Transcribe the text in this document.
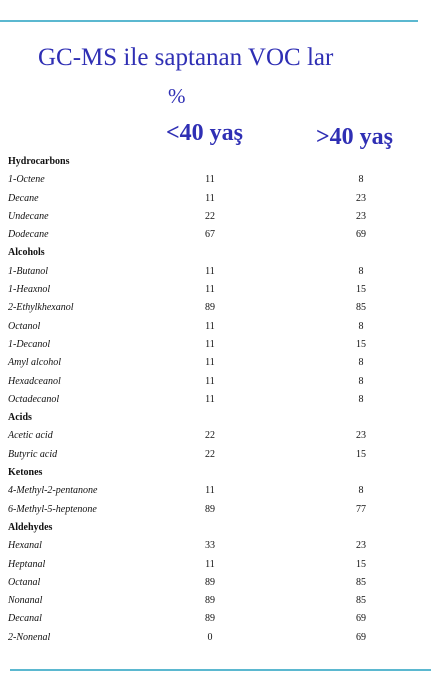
GC-MS ile saptanan VOC lar
%
<40 yaş	>40 yaş
Hydrocarbons
1-Octene	11	8
Decane	11	23
Undecane	22	23
Dodecane	67	69
Alcohols
1-Butanol	11	8
1-Heaxnol	11	15
2-Ethylkhexanol	89	85
Octanol	11	8
1-Decanol	11	15
Amyl alcohol	11	8
Hexadceanol	11	8
Octadecanol	11	8
Acids
Acetic acid	22	23
Butyric acid	22	15
Ketones
4-Methyl-2-pentanone	11	8
6-Methyl-5-heptenone	89	77
Aldehydes
Hexanal	33	23
Heptanal	11	15
Octanal	89	85
Nonanal	89	85
Decanal	89	69
2-Nonenal	0	69
